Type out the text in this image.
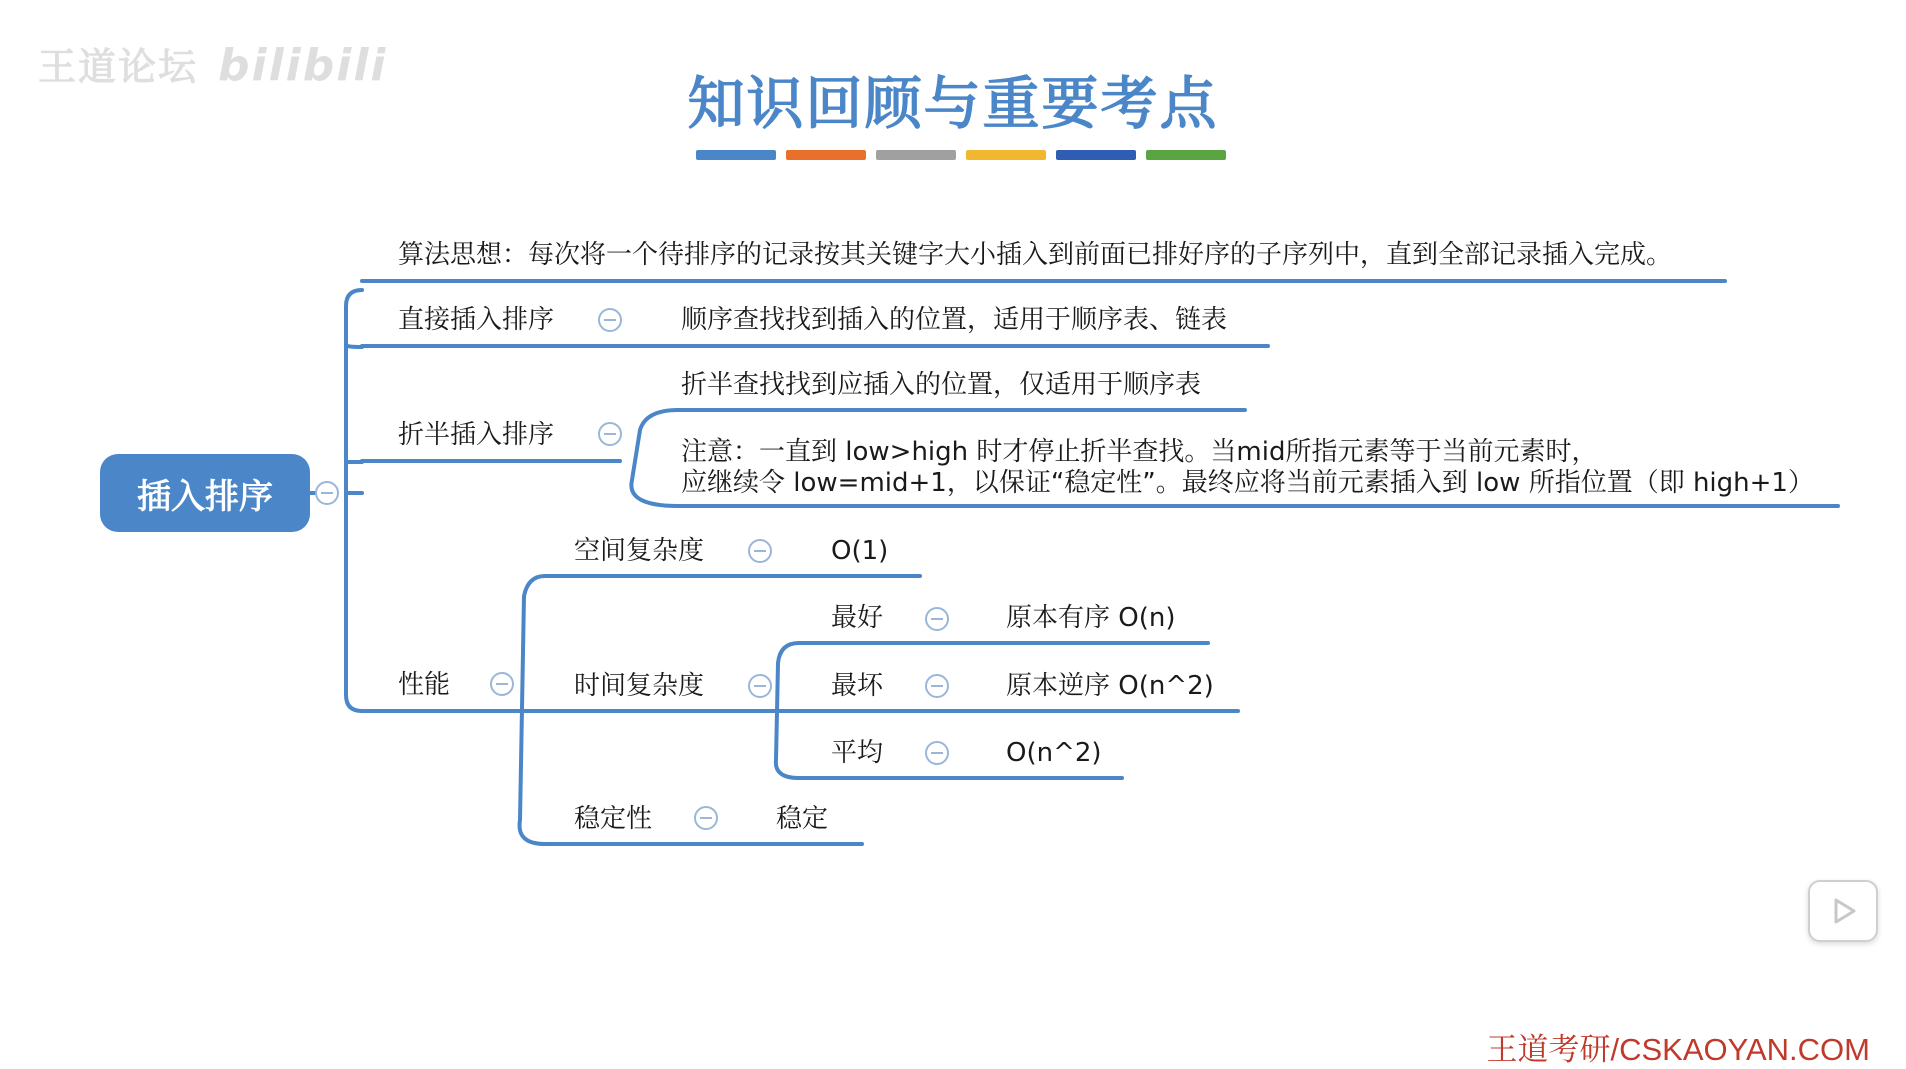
王道论坛 bilibili
知识回顾与重要考点
插入排序
算法思想：每次将一个待排序的记录按其关键字大小插入到前面已排好序的子序列中，直到全部记录插入完成。
直接插入排序
折半插入排序
性能
顺序查找找到插入的位置，适用于顺序表、链表
折半查找找到应插入的位置，仅适用于顺序表
注意：一直到 low>high 时才停止折半查找。当mid所指元素等于当前元素时，
应继续令 low=mid+1，以保证“稳定性”。最终应将当前元素插入到 low 所指位置（即 high+1）
空间复杂度	O(1)
时间复杂度
最好	原本有序 O(n)
最坏	原本逆序 O(n^2)
平均	O(n^2)
稳定性	稳定
王道考研/CSKAOYAN.COM
